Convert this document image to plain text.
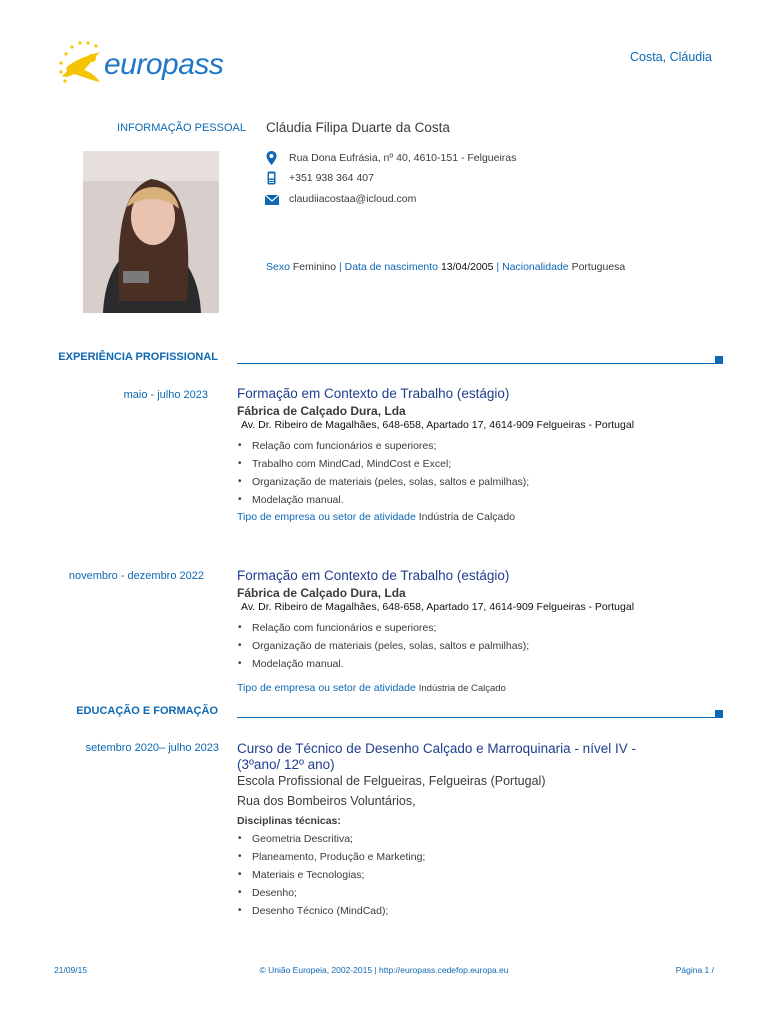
europass	Costa, Cláudia
INFORMAÇÃO PESSOAL Cláudia Filipa Duarte da Costa
Rua Dona Eufrásia, nº 40, 4610-151 - Felgueiras
+351 938 364 407
claudiiacostaa@icloud.com
Sexo Feminino | Data de nascimento 13/04/2005 | Nacionalidade Portuguesa
EXPERIÊNCIA PROFISSIONAL
maio - julho 2023 Formação em Contexto de Trabalho (estágio)
Fábrica de Calçado Dura, Lda
Av. Dr. Ribeiro de Magalhães, 648-658, Apartado 17, 4614-909 Felgueiras - Portugal
• Relação com funcionários e superiores;
• Trabalho com MindCad, MindCost e Excel;
• Organização de materiais (peles, solas, saltos e palmilhas);
• Modelação manual.
Tipo de empresa ou setor de atividade Indústria de Calçado
novembro - dezembro 2022 Formação em Contexto de Trabalho (estágio)
Fábrica de Calçado Dura, Lda
Av. Dr. Ribeiro de Magalhães, 648-658, Apartado 17, 4614-909 Felgueiras - Portugal
• Relação com funcionários e superiores;
• Organização de materiais (peles, solas, saltos e palmilhas);
• Modelação manual.
Tipo de empresa ou setor de atividade Indústria de Calçado
EDUCAÇÃO E FORMAÇÃO
setembro 2020– julho 2023 Curso de Técnico de Desenho Calçado e Marroquinaria - nível IV - (3ºano/ 12º ano)
Escola Profissional de Felgueiras, Felgueiras (Portugal)
Rua dos Bombeiros Voluntários,
Disciplinas técnicas:
• Geometria Descritiva;
• Planeamento, Produção e Marketing;
• Materiais e Tecnologias;
• Desenho;
• Desenho Técnico (MindCad);
21/09/15	© União Europeia, 2002-2015 | http://europass.cedefop.europa.eu	Página 1 /
